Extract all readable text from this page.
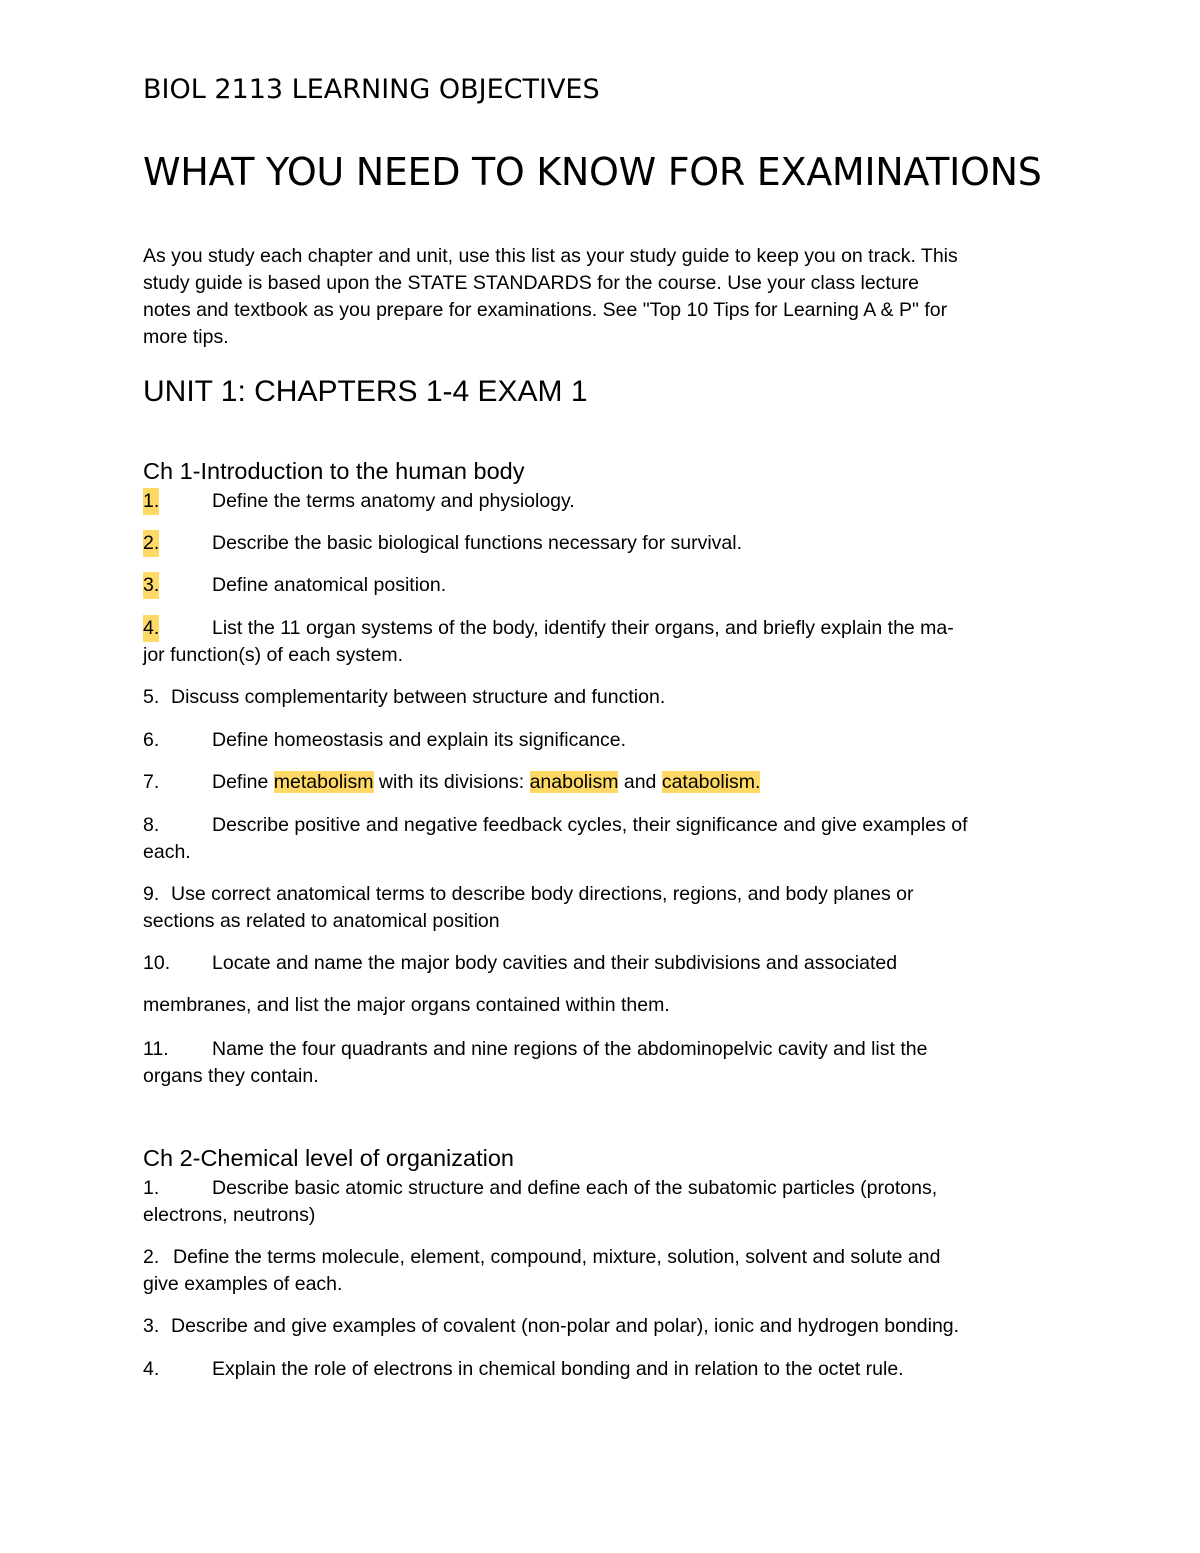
BIOL 2113 LEARNING OBJECTIVES
WHAT YOU NEED TO KNOW FOR EXAMINATIONS
As you study each chapter and unit, use this list as your study guide to keep you on track. This
study guide is based upon the STATE STANDARDS for the course. Use your class lecture
notes and textbook as you prepare for examinations. See "Top 10 Tips for Learning A & P" for
more tips.
UNIT 1: CHAPTERS 1-4 EXAM 1
Ch 1-Introduction to the human body
1.	Define the terms anatomy and physiology.
2.	Describe the basic biological functions necessary for survival.
3.	Define anatomical position.
4.	List the 11 organ systems of the body, identify their organs, and briefly explain the ma-
jor function(s) of each system.
5. Discuss complementarity between structure and function.
6.	Define homeostasis and explain its significance.
7.	Define metabolism with its divisions: anabolism and catabolism.
8.	Describe positive and negative feedback cycles, their significance and give examples of
each.
9. Use correct anatomical terms to describe body directions, regions, and body planes or
sections as related to anatomical position
10. Locate and name the major body cavities and their subdivisions and associated
membranes, and list the major organs contained within them.
11. Name the four quadrants and nine regions of the abdominopelvic cavity and list the
organs they contain.
Ch 2-Chemical level of organization
1.	Describe basic atomic structure and define each of the subatomic particles (protons,
electrons, neutrons)
2. Define the terms molecule, element, compound, mixture, solution, solvent and solute and
give examples of each.
3. Describe and give examples of covalent (non-polar and polar), ionic and hydrogen bonding.
4.	Explain the role of electrons in chemical bonding and in relation to the octet rule.
